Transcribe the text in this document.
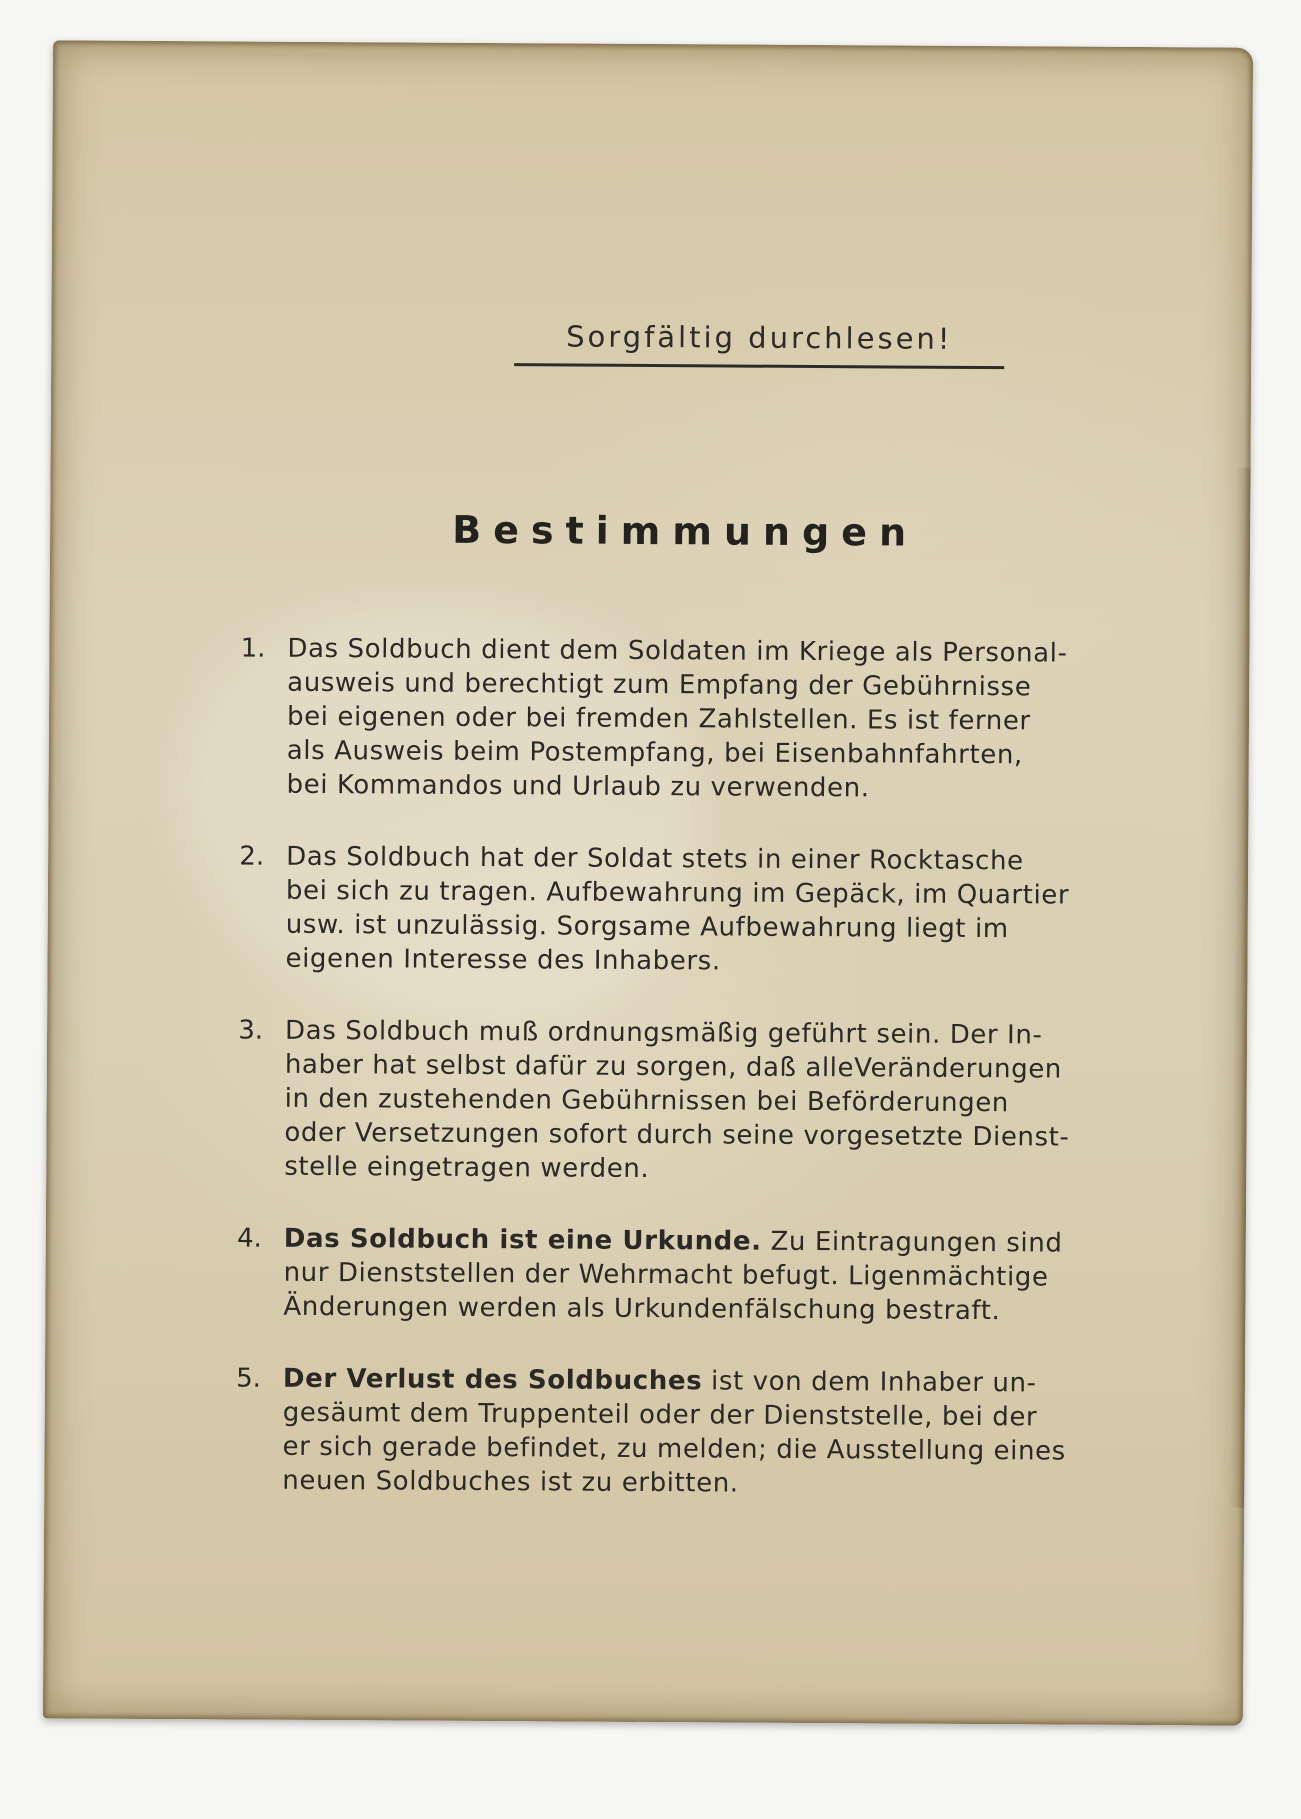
Sorgfältig durchlesen!
Bestimmungen
1. Das Soldbuch dient dem Soldaten im Kriege als Personal-
ausweis und berechtigt zum Empfang der Gebührnisse
bei eigenen oder bei fremden Zahlstellen. Es ist ferner
als Ausweis beim Postempfang, bei Eisenbahnfahrten,
bei Kommandos und Urlaub zu verwenden.
2. Das Soldbuch hat der Soldat stets in einer Rocktasche
bei sich zu tragen. Aufbewahrung im Gepäck, im Quartier
usw. ist unzulässig. Sorgsame Aufbewahrung liegt im
eigenen Interesse des Inhabers.
3. Das Soldbuch muß ordnungsmäßig geführt sein. Der In-
haber hat selbst dafür zu sorgen, daß alleVeränderungen
in den zustehenden Gebührnissen bei Beförderungen
oder Versetzungen sofort durch seine vorgesetzte Dienst-
stelle eingetragen werden.
4. Das Soldbuch ist eine Urkunde. Zu Eintragungen sind
nur Dienststellen der Wehrmacht befugt. Ligenmächtige
Änderungen werden als Urkundenfälschung bestraft.
5. Der Verlust des Soldbuches ist von dem Inhaber un-
gesäumt dem Truppenteil oder der Dienststelle, bei der
er sich gerade befindet, zu melden; die Ausstellung eines
neuen Soldbuches ist zu erbitten.
